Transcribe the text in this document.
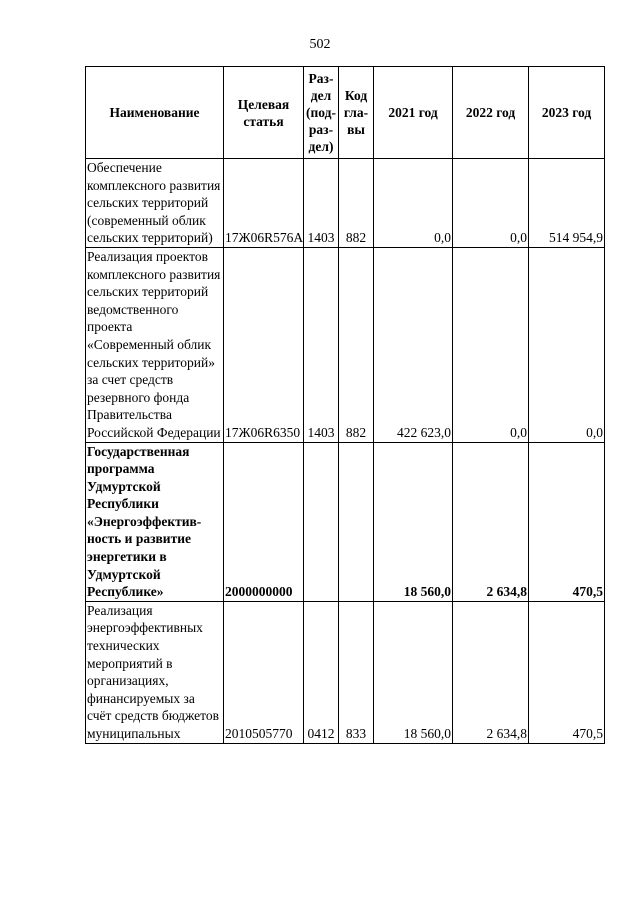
502
Наименование	Целевая статья	Раз-дел (под-раз-дел)	Код гла-вы	2021 год	2022 год	2023 год
Обеспечение комплексного развития сельских территорий (современный облик сельских территорий)	17Ж06R576А	1403	882	0,0	0,0	514 954,9
Реализация проектов комплексного развития сельских территорий ведомственного проекта «Современный облик сельских территорий» за счет средств резервного фонда Правительства Российской Федерации	17Ж06R6350	1403	882	422 623,0	0,0	0,0
Государственная программа Удмуртской Республики «Энергоэффектив-ность и развитие энергетики в Удмуртской Республике»	2000000000			18 560,0	2 634,8	470,5
Реализация энергоэффективных технических мероприятий в организациях, финансируемых за счёт средств бюджетов муниципальных	2010505770	0412	833	18 560,0	2 634,8	470,5
